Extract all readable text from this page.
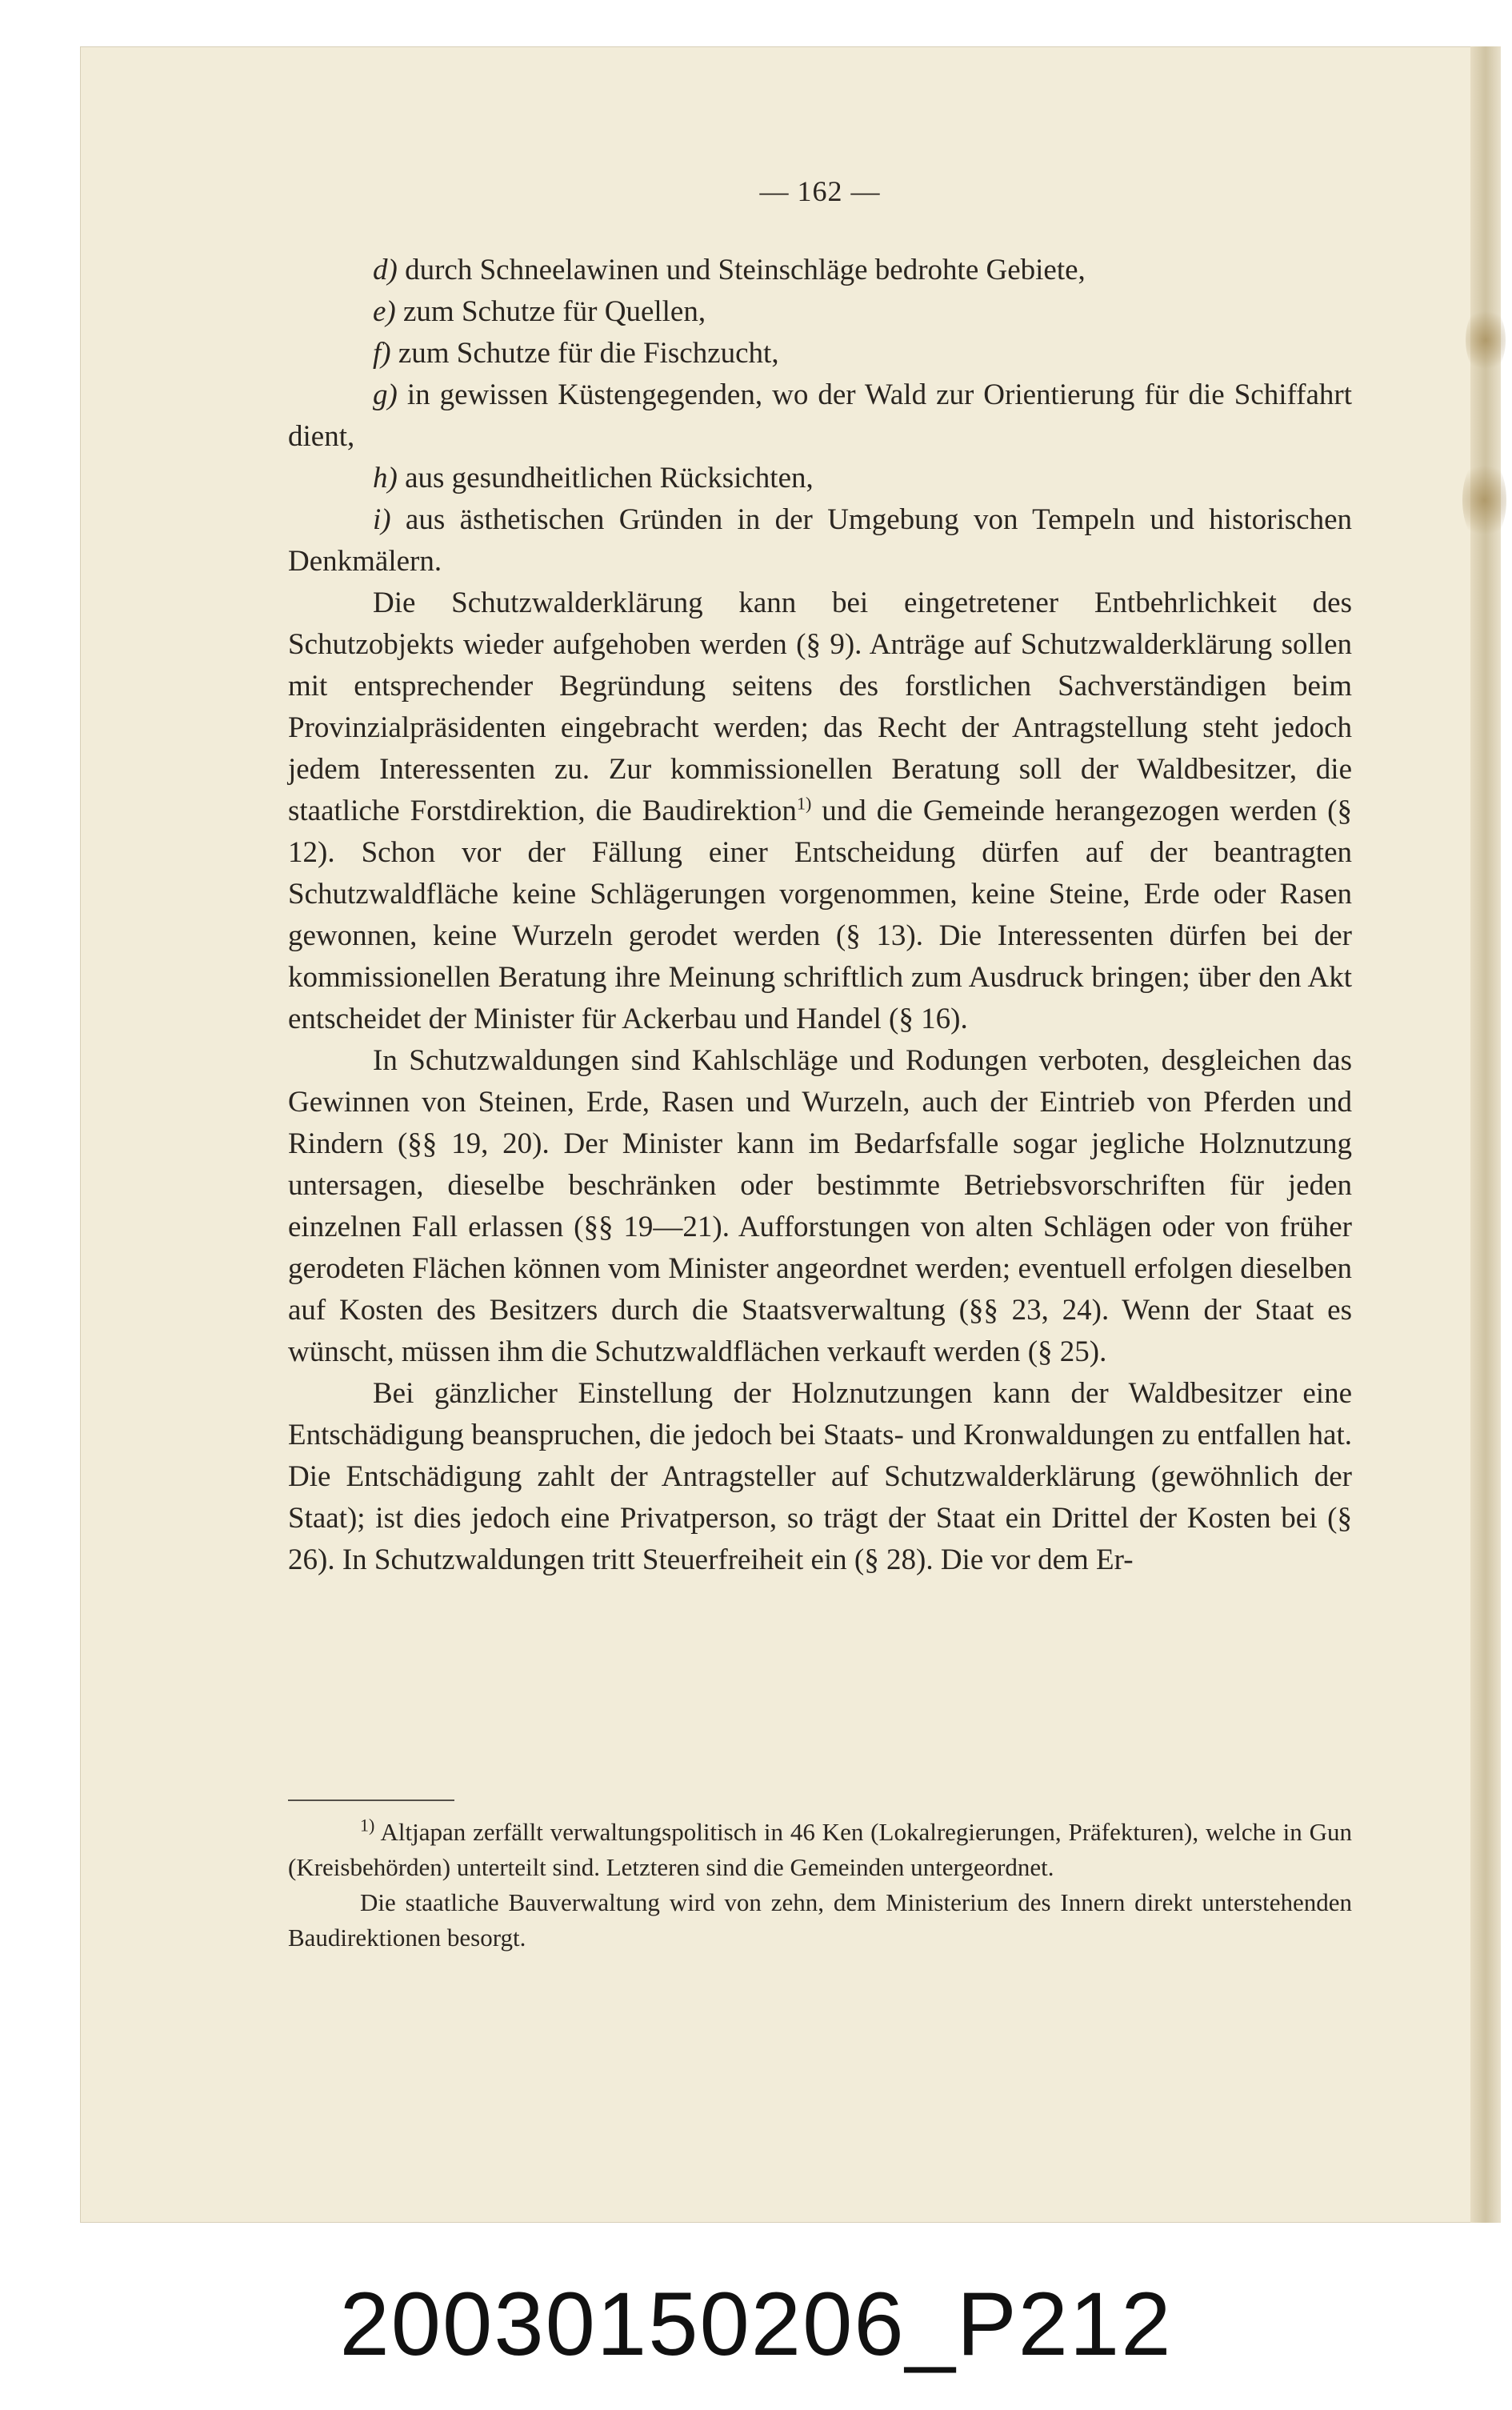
— 162 —

d) durch Schneelawinen und Steinschläge bedrohte Gebiete,

e) zum Schutze für Quellen,

f) zum Schutze für die Fischzucht,

g) in gewissen Küstengegenden, wo der Wald zur Orientierung für die Schiffahrt dient,

h) aus gesundheitlichen Rücksichten,

i) aus ästhetischen Gründen in der Umgebung von Tempeln und historischen Denkmälern.

Die Schutzwalderklärung kann bei eingetretener Entbehrlichkeit des Schutzobjekts wieder aufgehoben werden (§ 9). Anträge auf Schutzwalderklärung sollen mit entsprechender Begründung seitens des forstlichen Sachverständigen beim Provinzialpräsidenten eingebracht werden; das Recht der Antragstellung steht jedoch jedem Interessenten zu. Zur kommissionellen Beratung soll der Waldbesitzer, die staatliche Forstdirektion, die Baudirektion$^{1)}$ und die Gemeinde herangezogen werden (§ 12). Schon vor der Fällung einer Entscheidung dürfen auf der beantragten Schutzwaldfläche keine Schlägerungen vorgenommen, keine Steine, Erde oder Rasen gewonnen, keine Wurzeln gerodet werden (§ 13). Die Interessenten dürfen bei der kommissionellen Beratung ihre Meinung schriftlich zum Ausdruck bringen; über den Akt entscheidet der Minister für Ackerbau und Handel (§ 16).

In Schutzwaldungen sind Kahlschläge und Rodungen verboten, desgleichen das Gewinnen von Steinen, Erde, Rasen und Wurzeln, auch der Eintrieb von Pferden und Rindern (§§ 19, 20). Der Minister kann im Bedarfsfalle sogar jegliche Holznutzung untersagen, dieselbe beschränken oder bestimmte Betriebsvorschriften für jeden einzelnen Fall erlassen (§§ 19—21). Aufforstungen von alten Schlägen oder von früher gerodeten Flächen können vom Minister angeordnet werden; eventuell erfolgen dieselben auf Kosten des Besitzers durch die Staatsverwaltung (§§ 23, 24). Wenn der Staat es wünscht, müssen ihm die Schutzwaldflächen verkauft werden (§ 25).

Bei gänzlicher Einstellung der Holznutzungen kann der Waldbesitzer eine Entschädigung beanspruchen, die jedoch bei Staats- und Kronwaldungen zu entfallen hat. Die Entschädigung zahlt der Antragsteller auf Schutzwalderklärung (gewöhnlich der Staat); ist dies jedoch eine Privatperson, so trägt der Staat ein Drittel der Kosten bei (§ 26). In Schutzwaldungen tritt Steuerfreiheit ein (§ 28). Die vor dem Er-

$^{1)}$ Altjapan zerfällt verwaltungspolitisch in 46 Ken (Lokalregierungen, Präfekturen), welche in Gun (Kreisbehörden) unterteilt sind. Letzteren sind die Gemeinden untergeordnet.

Die staatliche Bauverwaltung wird von zehn, dem Ministerium des Innern direkt unterstehenden Baudirektionen besorgt.

20030150206_P212
